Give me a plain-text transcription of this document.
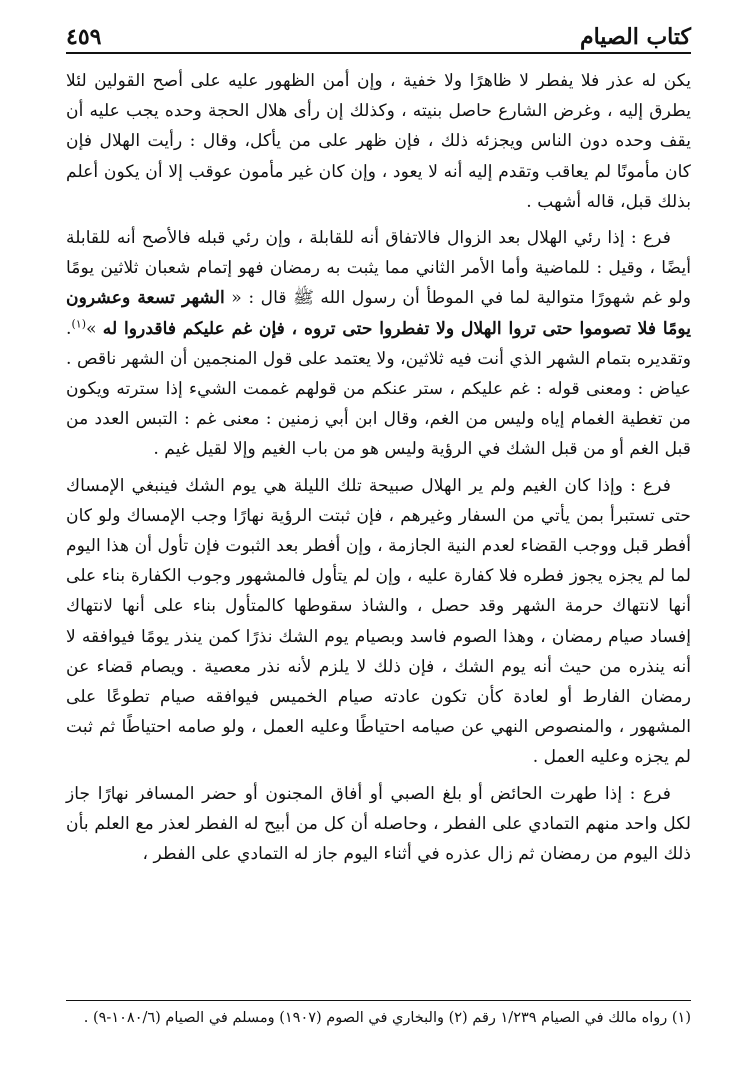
كتاب الصيام
٤٥٩

يكن له عذر فلا يفطر لا ظاهرًا ولا خفية ، وإن أمن الظهور عليه على أصح القولين لئلا يطرق إليه ، وغرض الشارع حاصل بنيته ، وكذلك إن رأى هلال الحجة وحده يجب عليه أن يقف وحده دون الناس ويجزئه ذلك ، فإن ظهر على من يأكل، وقال : رأيت الهلال فإن كان مأمونًا لم يعاقب وتقدم إليه أنه لا يعود ، وإن كان غير مأمون عوقب إلا أن يكون أعلم بذلك قبل، قاله أشهب .

فرع : إذا رئي الهلال بعد الزوال فالاتفاق أنه للقابلة ، وإن رئي قبله فالأصح أنه للقابلة أيضًا ، وقيل : للماضية وأما الأمر الثاني مما يثبت به رمضان فهو إتمام شعبان ثلاثين يومًا ولو غم شهورًا متوالية لما في الموطأ أن رسول الله ﷺ قال : « الشهر تسعة وعشرون يومًا فلا تصوموا حتى تروا الهلال ولا تفطروا حتى تروه ، فإن غم عليكم فاقدروا له »$^{(١)}$. وتقديره بتمام الشهر الذي أنت فيه ثلاثين، ولا يعتمد على قول المنجمين أن الشهر ناقص . عياض : ومعنى قوله : غم عليكم ، ستر عنكم من قولهم غممت الشيء إذا سترته ويكون من تغطية الغمام إياه وليس من الغم، وقال ابن أبي زمنين : معنى غم : التبس العدد من قبل الغم أو من قبل الشك في الرؤية وليس هو من باب الغيم وإلا لقيل غيم .

فرع : وإذا كان الغيم ولم ير الهلال صبيحة تلك الليلة هي يوم الشك فينبغي الإمساك حتى تستبرأ بمن يأتي من السفار وغيرهم ، فإن ثبتت الرؤية نهارًا وجب الإمساك ولو كان أفطر قبل ووجب القضاء لعدم النية الجازمة ، وإن أفطر بعد الثبوت فإن تأول أن هذا اليوم لما لم يجزه يجوز فطره فلا كفارة عليه ، وإن لم يتأول فالمشهور وجوب الكفارة بناء على أنها لانتهاك حرمة الشهر وقد حصل ، والشاذ سقوطها كالمتأول بناء على أنها لانتهاك إفساد صيام رمضان ، وهذا الصوم فاسد وبصيام يوم الشك نذرًا كمن ينذر يومًا فيوافقه لا أنه ينذره من حيث أنه يوم الشك ، فإن ذلك لا يلزم لأنه نذر معصية . ويصام قضاء عن رمضان الفارط أو لعادة كأن تكون عادته صيام الخميس فيوافقه صيام تطوعًا على المشهور ، والمنصوص النهي عن صيامه احتياطًا وعليه العمل ، ولو صامه احتياطًا ثم ثبت لم يجزه وعليه العمل .

فرع : إذا طهرت الحائض أو بلغ الصبي أو أفاق المجنون أو حضر المسافر نهارًا جاز لكل واحد منهم التمادي على الفطر ، وحاصله أن كل من أبيح له الفطر لعذر مع العلم بأن ذلك اليوم من رمضان ثم زال عذره في أثناء اليوم جاز له التمادي على الفطر ،

(١) رواه مالك في الصيام ١/٢٣٩ رقم (٢) والبخاري في الصوم (١٩٠٧) ومسلم في الصيام (١٠٨٠/٦-٩) .
